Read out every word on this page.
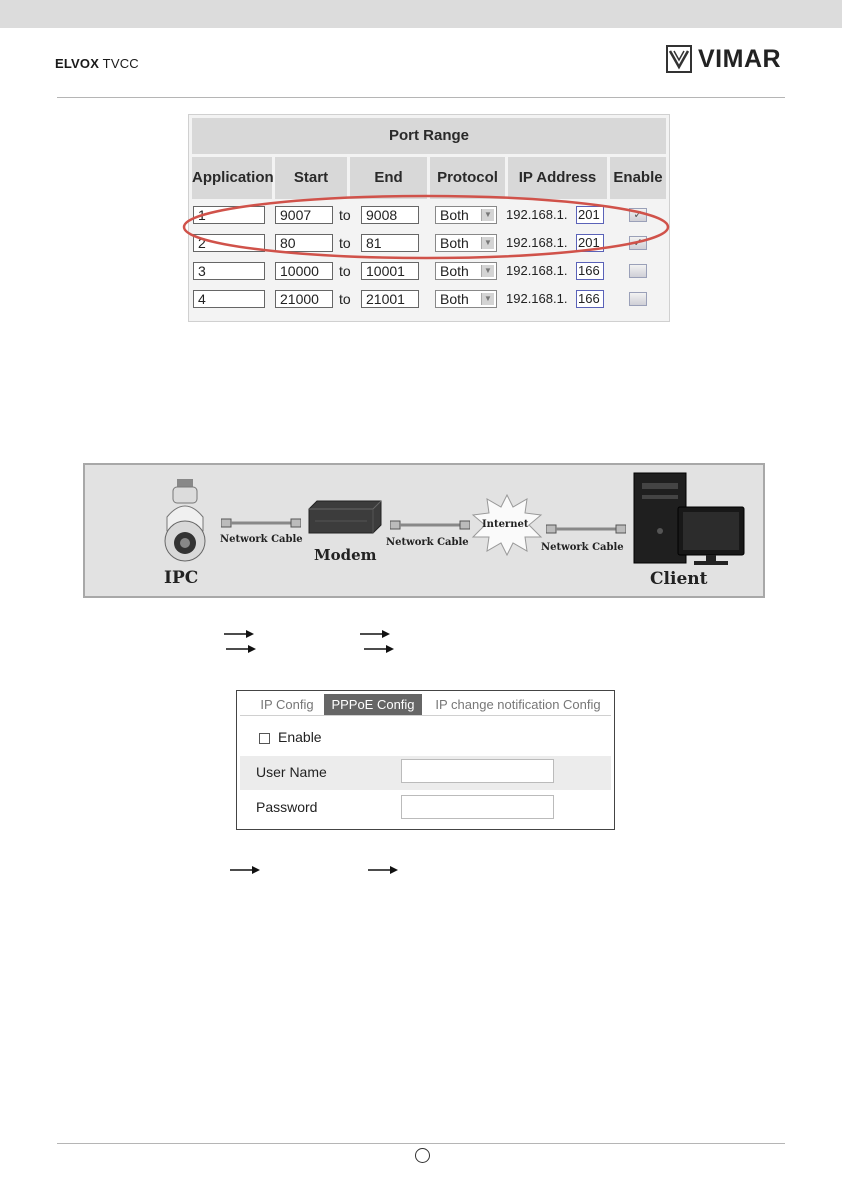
ELVOX TVCC	VIMAR
Port Range
Application	Start	End	Protocol	IP Address	Enable
1	9007	to	9008	Both	▼ 192.168.1. 201	✓
2	80	to	81	Both	▼ 192.168.1. 201	✓
3	10000	to	10001	Both	▼ 192.168.1. 166
4	21000	to	21001	Both	▼ 192.168.1. 166
IPC
Network Cable
Modem
Network Cable
Internet
Network Cable
Client
IP Config	PPPoE Config	IP change notification Config
Enable
User Name
Password
